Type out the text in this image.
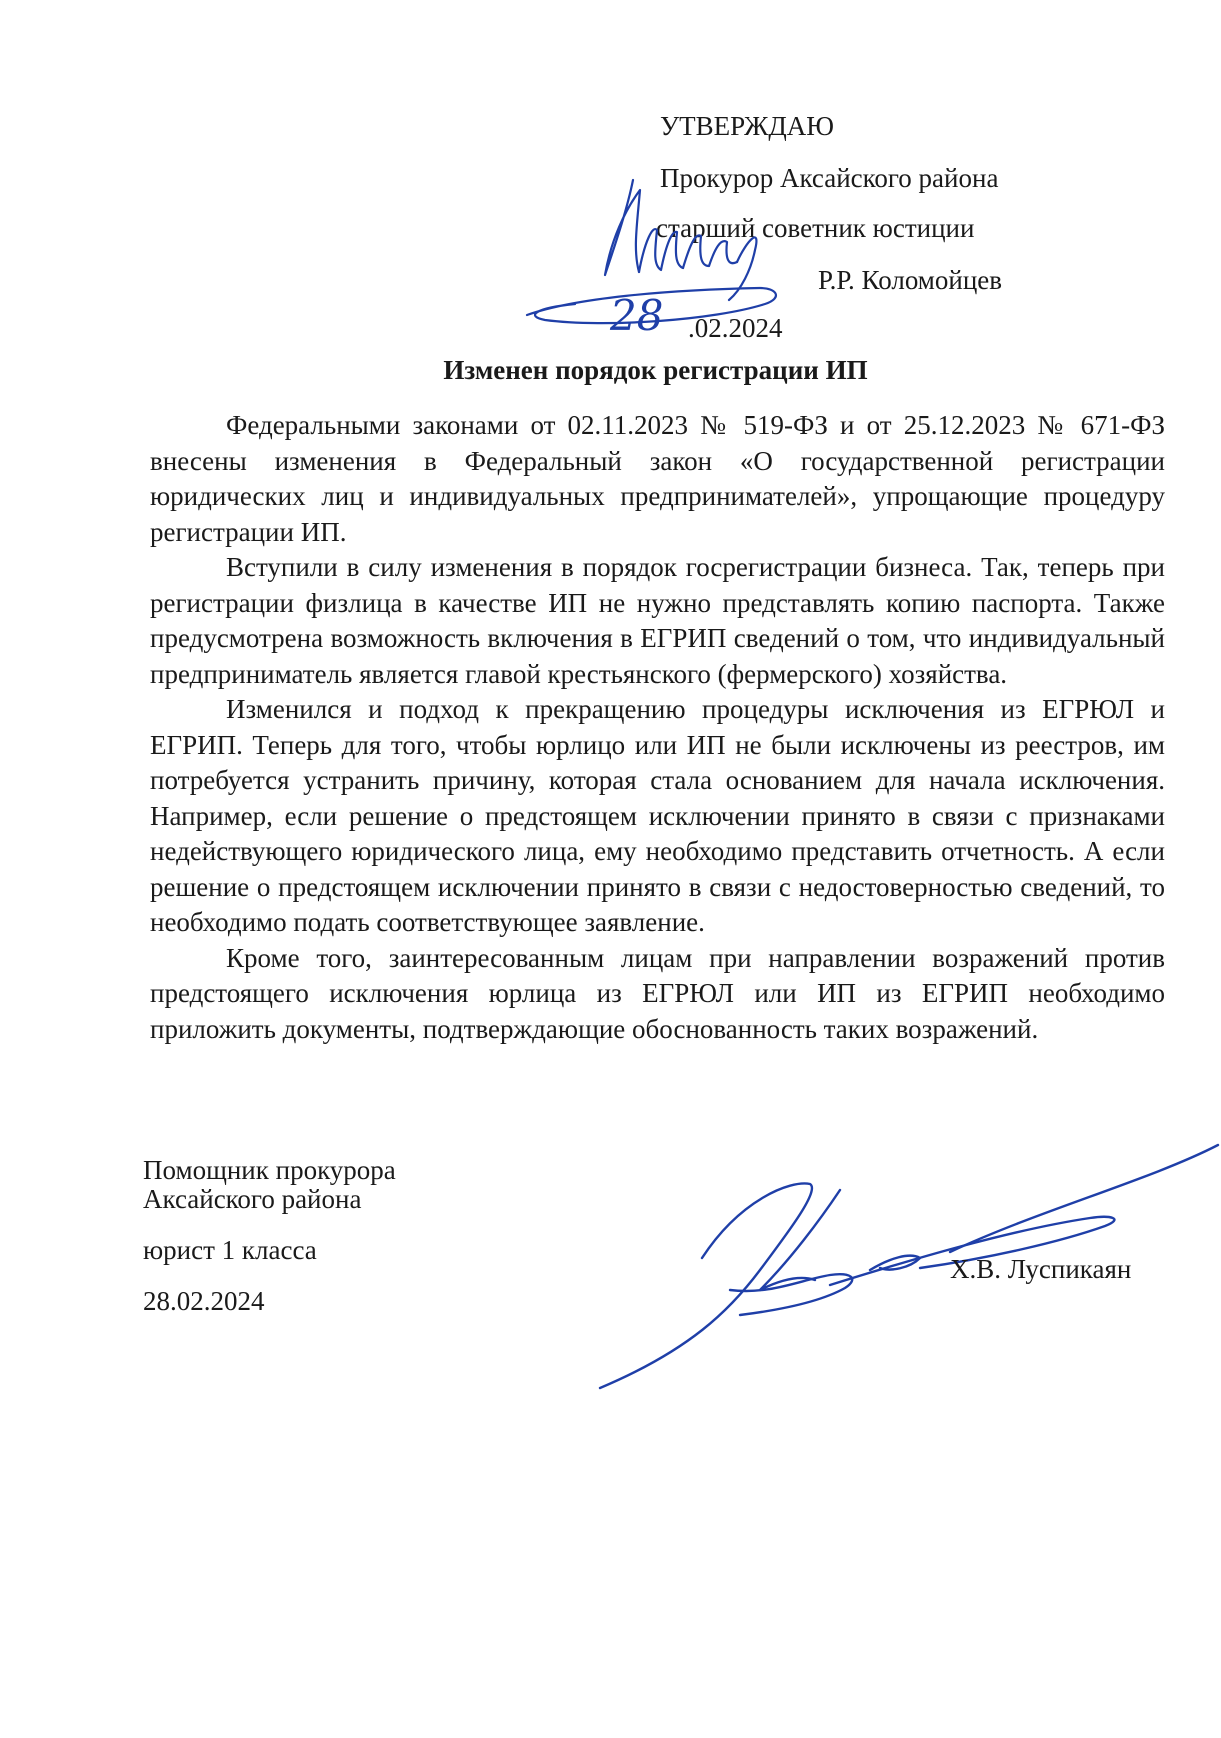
УТВЕРЖДАЮ
Прокурор Аксайского района
старший советник юстиции
Р.Р. Коломойцев
.02.2024
28
Изменен порядок регистрации ИП

Федеральными законами от 02.11.2023 № 519-ФЗ и от 25.12.2023 № 671-ФЗ внесены изменения в Федеральный закон «О государственной регистрации юридических лиц и индивидуальных предпринимателей», упрощающие процедуру регистрации ИП.

Вступили в силу изменения в порядок госрегистрации бизнеса. Так, теперь при регистрации физлица в качестве ИП не нужно представлять копию паспорта. Также предусмотрена возможность включения в ЕГРИП сведений о том, что индивидуальный предприниматель является главой крестьянского (фермерского) хозяйства.

Изменился и подход к прекращению процедуры исключения из ЕГРЮЛ и ЕГРИП. Теперь для того, чтобы юрлицо или ИП не были исключены из реестров, им потребуется устранить причину, которая стала основанием для начала исключения. Например, если решение о предстоящем исключении принято в связи с признаками недействующего юридического лица, ему необходимо представить отчетность. А если решение о предстоящем исключении принято в связи с недостоверностью сведений, то необходимо подать соответствующее заявление.

Кроме того, заинтересованным лицам при направлении возражений против предстоящего исключения юрлица из ЕГРЮЛ или ИП из ЕГРИП необходимо приложить документы, подтверждающие обоснованность таких возражений.

Помощник прокурора
Аксайского района
юрист 1 класса
28.02.2024
Х.В. Луспикаян
